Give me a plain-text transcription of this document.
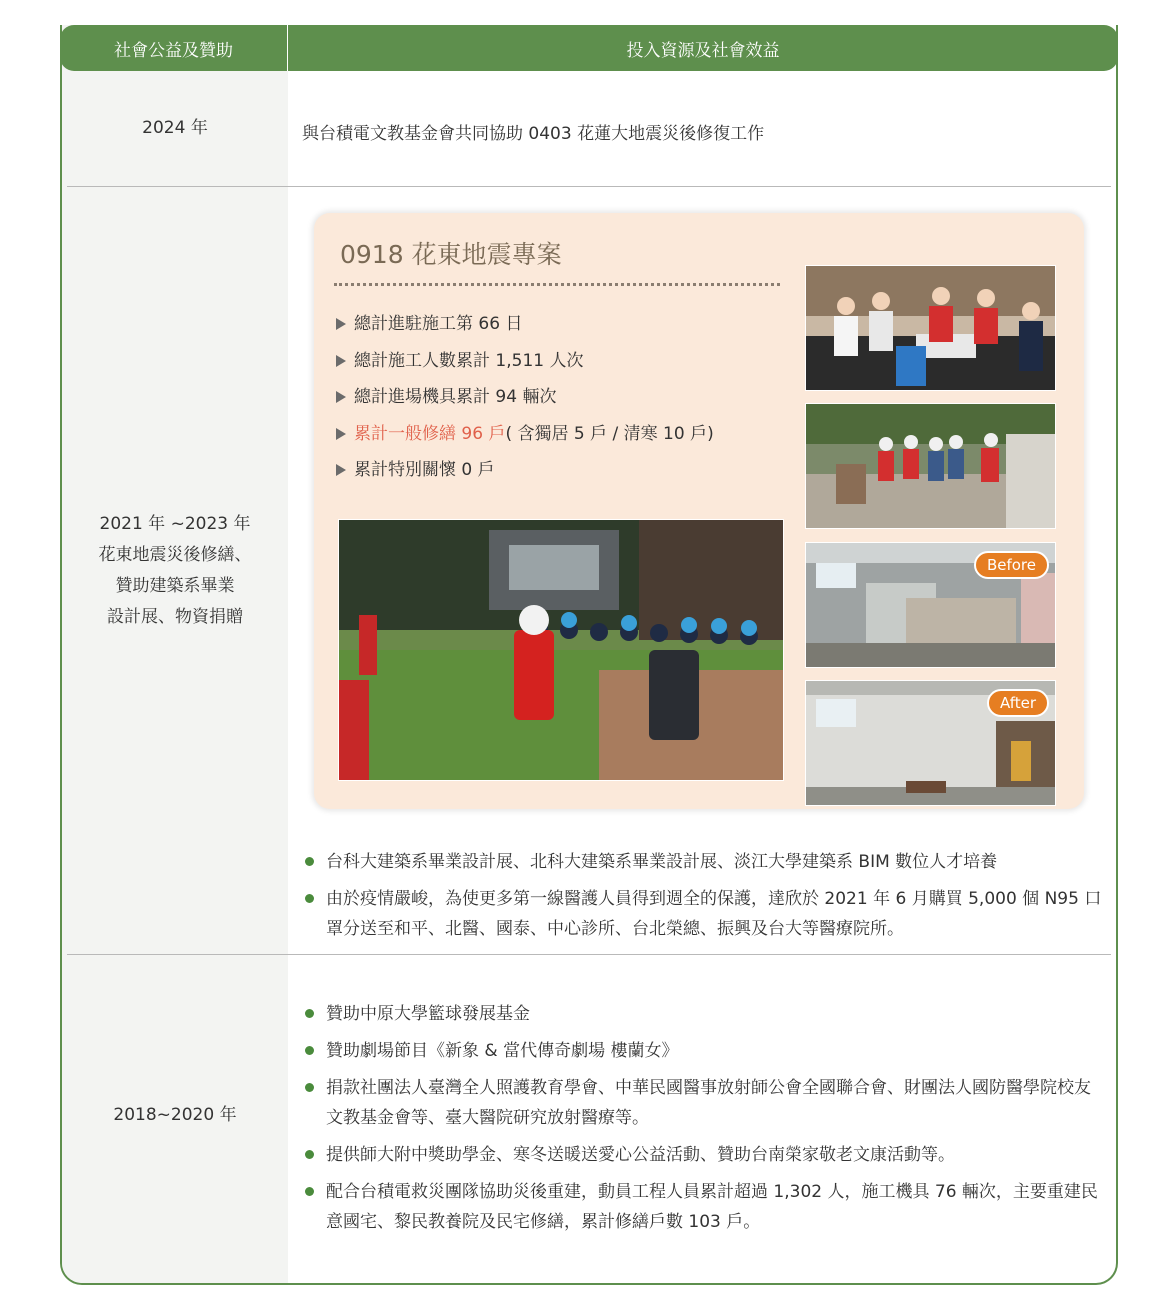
2024 年	與台積電文教基金會共同協助 0403 花蓮大地震災後修復工作
2021 年 ~2023 年
花東地震災後修繕、
贊助建築系畢業
設計展、物資捐贈
0918 花東地震專案
總計進駐施工第 66 日
總計施工人數累計 1,511 人次
總計進場機具累計 94 輛次
累計一般修繕 96 戶 ( 含獨居 5 戶 / 清寒 10 戶)
累計特別關懷 0 戶
Before
After
台科大建築系畢業設計展、北科大建築系畢業設計展、淡江大學建築系 BIM 數位人才培養
由於疫情嚴峻，為使更多第一線醫護人員得到週全的保護，達欣於 2021 年 6 月購買 5,000 個 N95 口罩分送至和平、北醫、國泰、中心診所、台北榮總、振興及台大等醫療院所。
2018~2020 年
贊助中原大學籃球發展基金
贊助劇場節目《新象 & 當代傳奇劇場 樓蘭女》
捐款社團法人臺灣全人照護教育學會、中華民國醫事放射師公會全國聯合會、財團法人國防醫學院校友文教基金會等、臺大醫院研究放射醫療等。
提供師大附中獎助學金、寒冬送暖送愛心公益活動、贊助台南榮家敬老文康活動等。
配合台積電救災團隊協助災後重建，動員工程人員累計超過 1,302 人，施工機具 76 輛次，主要重建民意國宅、黎民教養院及民宅修繕，累計修繕戶數 103 戶。
社會公益及贊助	投入資源及社會效益
